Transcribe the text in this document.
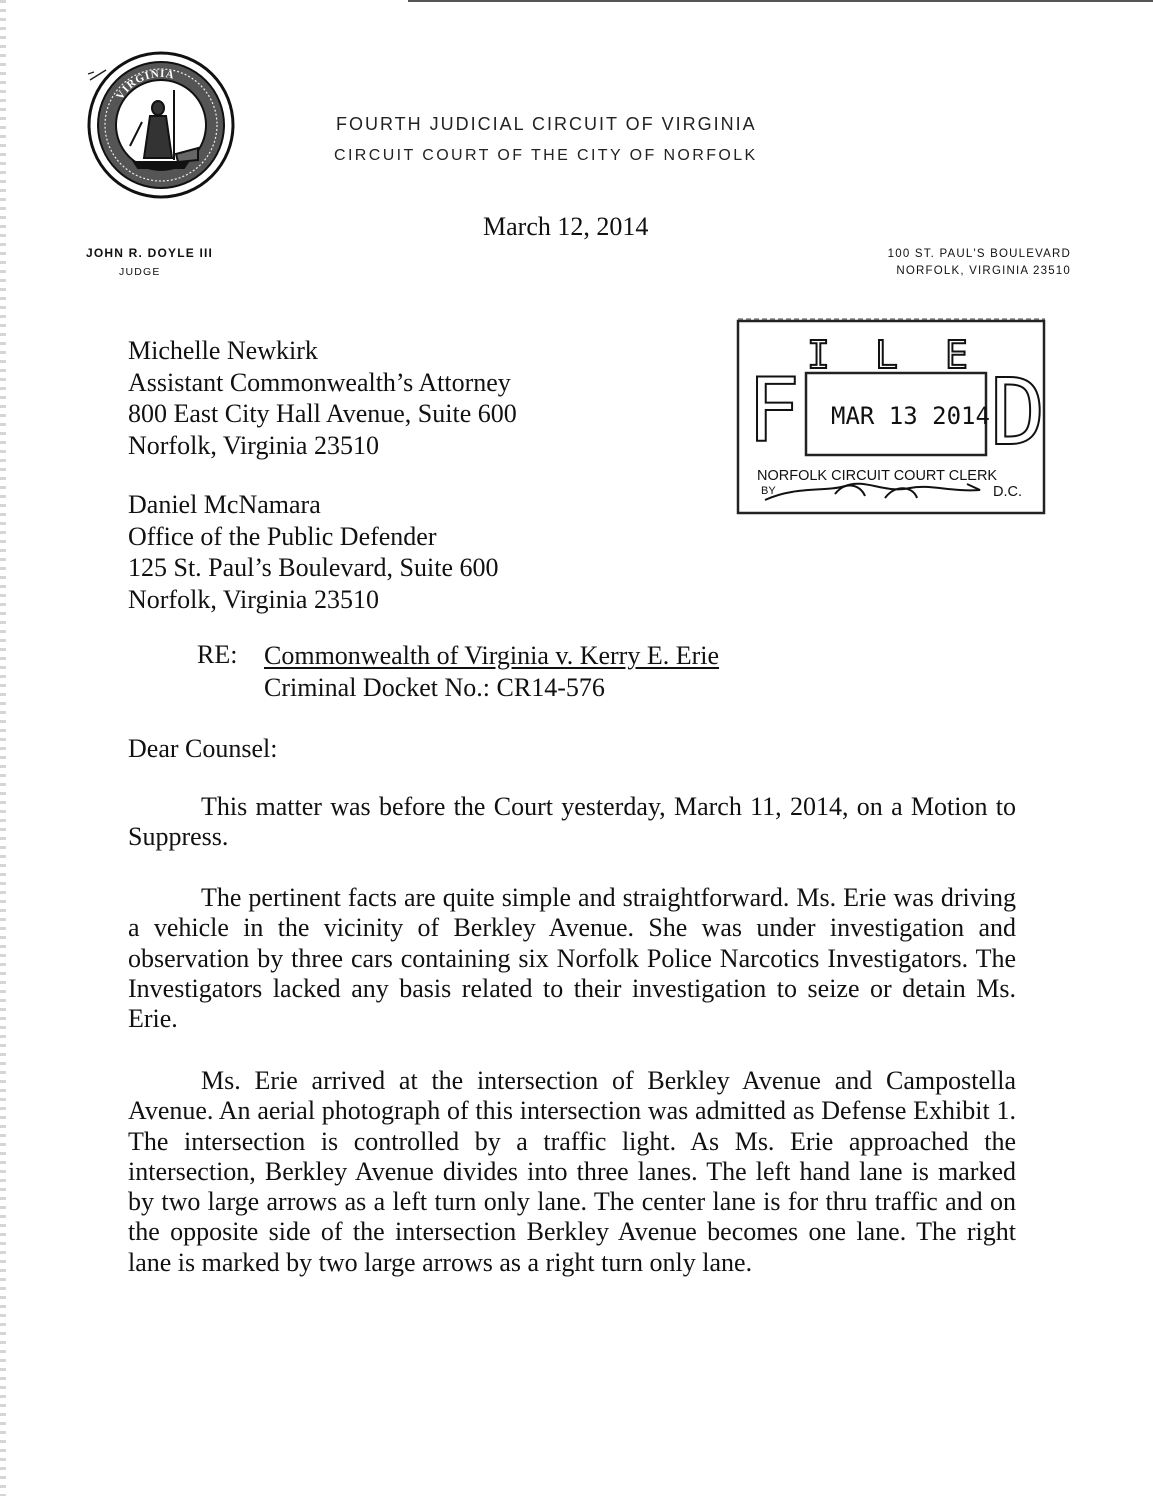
VIRGINIA
FOURTH JUDICIAL CIRCUIT OF VIRGINIA
CIRCUIT COURT OF THE CITY OF NORFOLK
March 12, 2014
JOHN R. DOYLE III
JUDGE
100 ST. PAUL'S BOULEVARD
NORFOLK, VIRGINIA 23510
Michelle Newkirk
Assistant Commonwealth’s Attorney
800 East City Hall Avenue, Suite 600
Norfolk, Virginia 23510
Daniel McNamara
Office of the Public Defender
125 St. Paul’s Boulevard, Suite 600
Norfolk, Virginia 23510
F
I L E
D
MAR 13 2014
NORFOLK CIRCUIT COURT CLERK
BY	D.C.
RE: Commonwealth of Virginia v. Kerry E. Erie
Criminal Docket No.: CR14-576
Dear Counsel:

This matter was before the Court yesterday, March 11, 2014, on a Motion to Suppress.

The pertinent facts are quite simple and straightforward. Ms. Erie was driving a vehicle in the vicinity of Berkley Avenue. She was under investigation and observation by three cars containing six Norfolk Police Narcotics Investigators. The Investigators lacked any basis related to their investigation to seize or detain Ms. Erie.

Ms. Erie arrived at the intersection of Berkley Avenue and Campostella Avenue. An aerial photograph of this intersection was admitted as Defense Exhibit 1. The intersection is controlled by a traffic light. As Ms. Erie approached the intersection, Berkley Avenue divides into three lanes. The left hand lane is marked by two large arrows as a left turn only lane. The center lane is for thru traffic and on the opposite side of the intersection Berkley Avenue becomes one lane. The right lane is marked by two large arrows as a right turn only lane.
